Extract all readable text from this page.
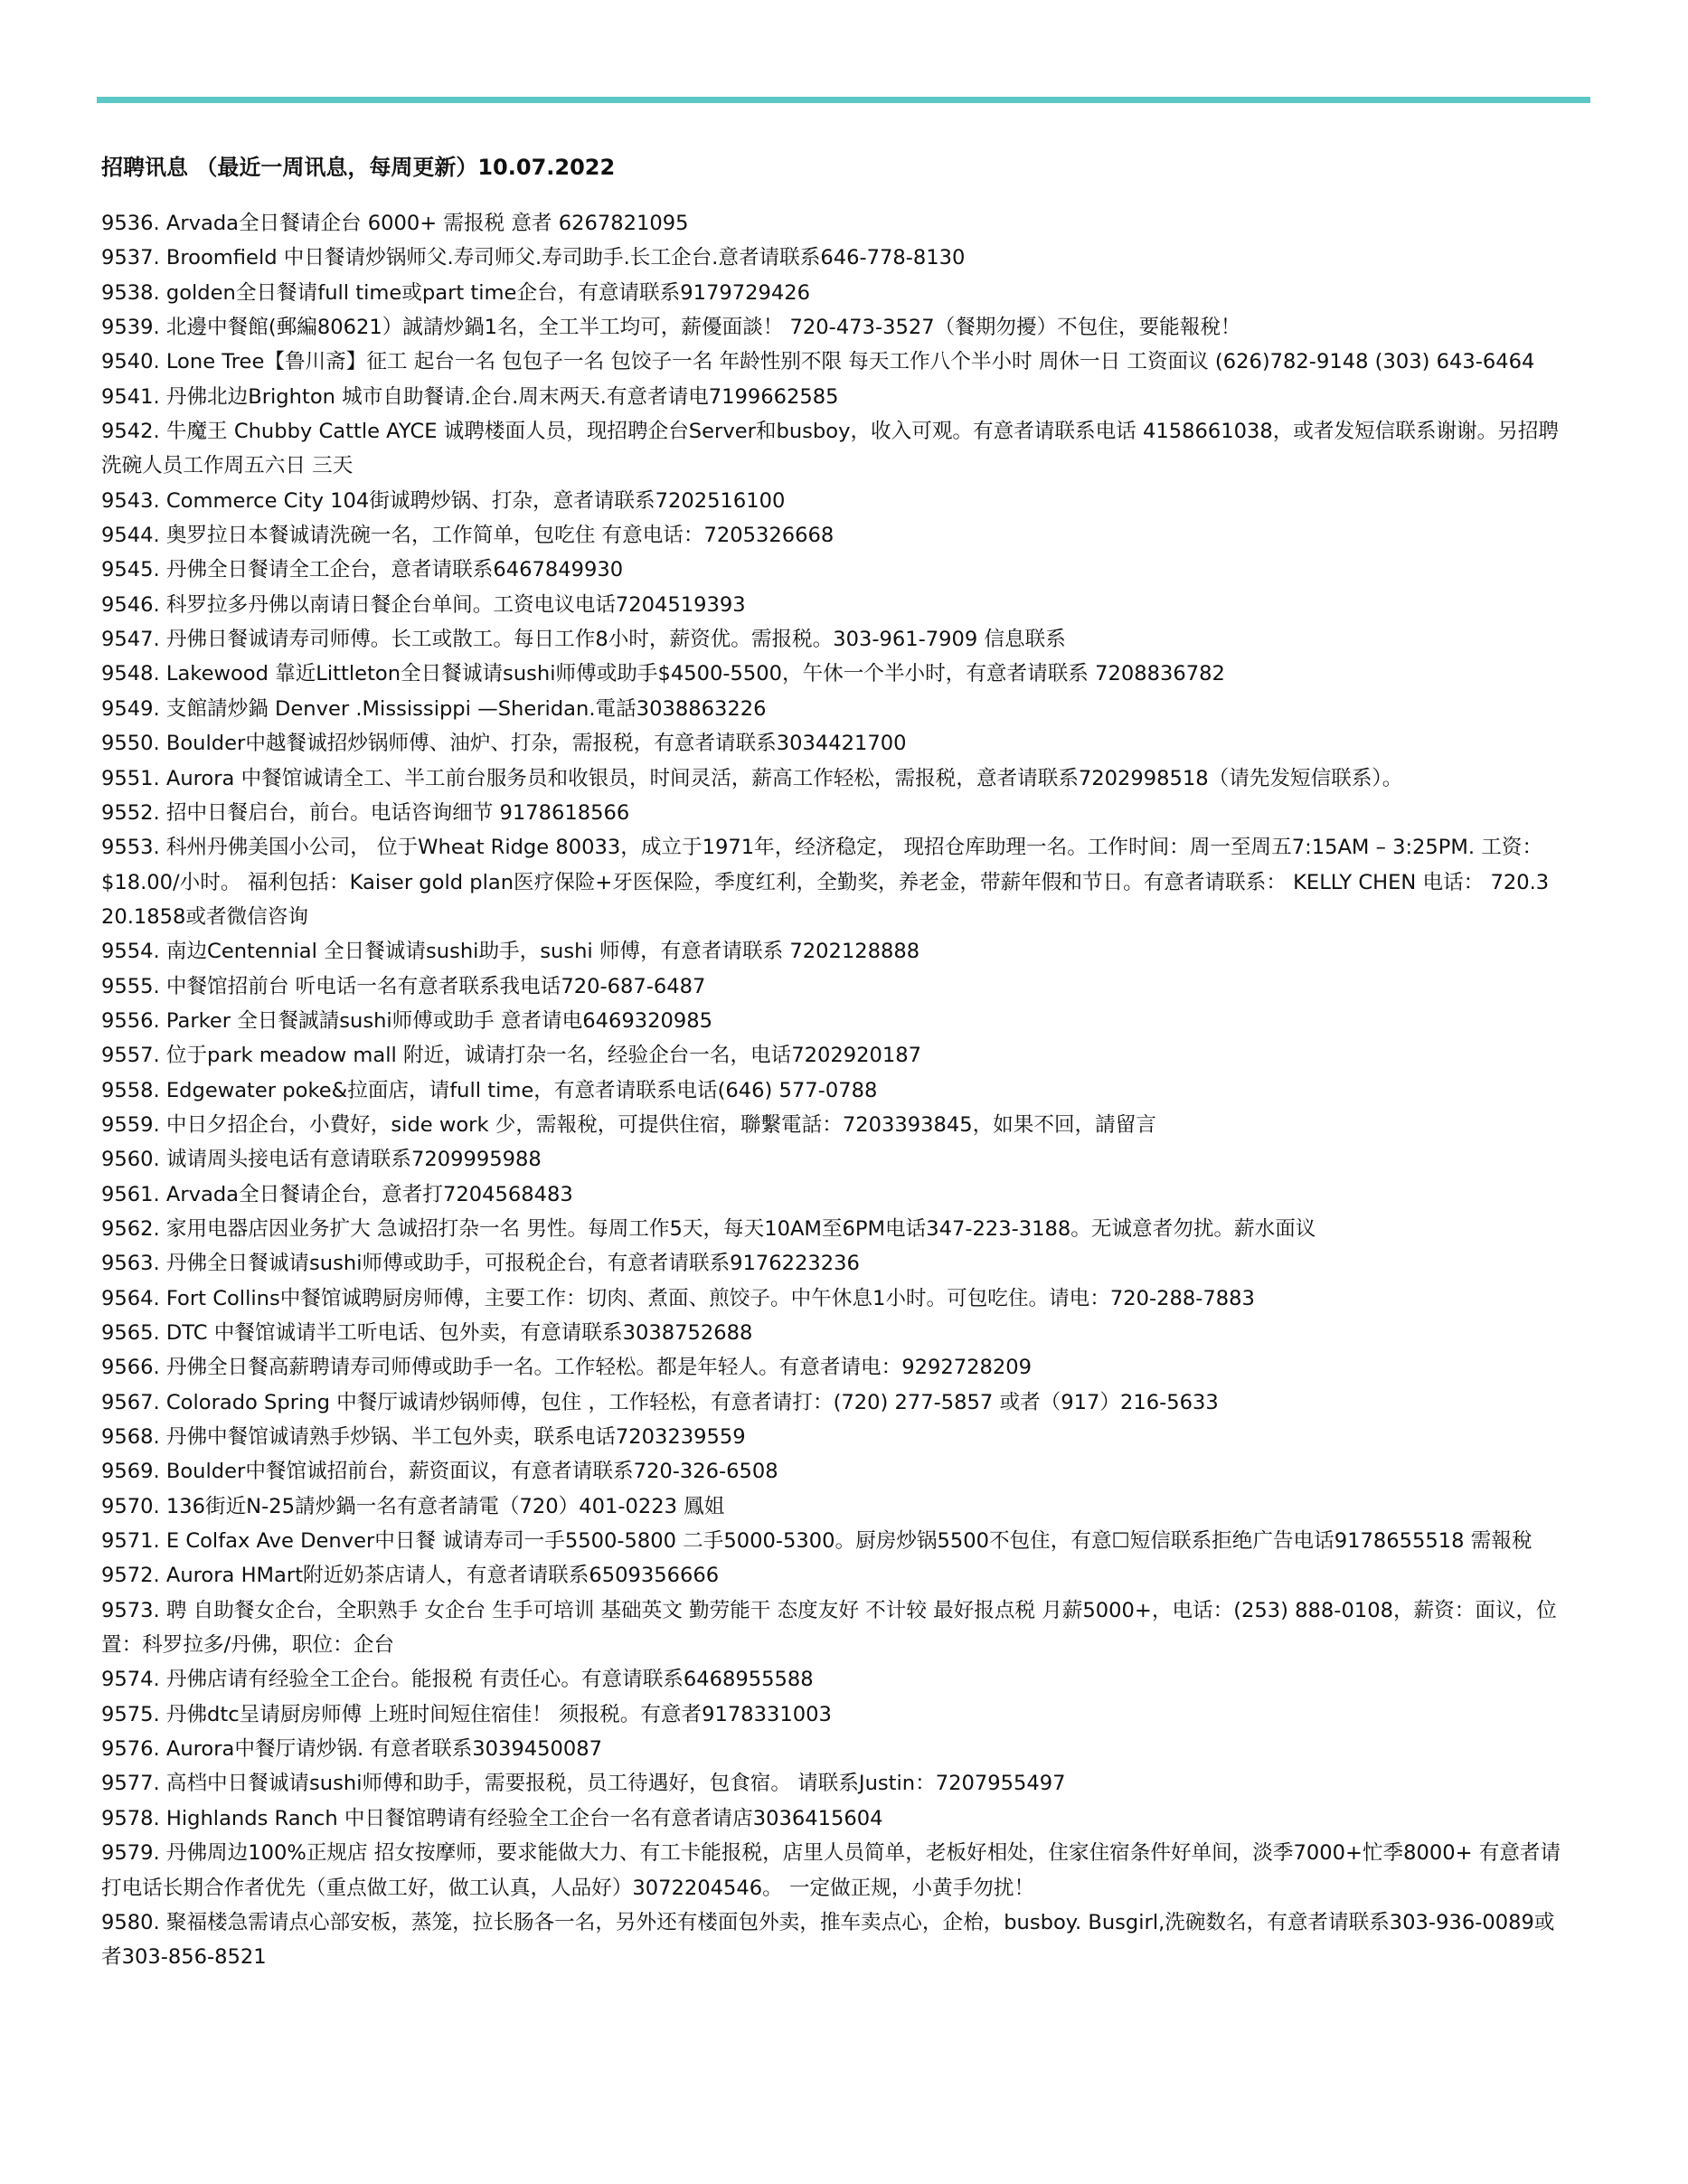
招聘讯息 （最近一周讯息，每周更新）10.07.2022
9536. Arvada全日餐请企台 6000+ 需报税 意者 6267821095
9537. Broomfield 中日餐请炒锅师父.寿司师父.寿司助手.长工企台.意者请联系646-778-8130
9538. golden全日餐请full time或part time企台，有意请联系9179729426
9539. 北邊中餐館(郵編80621）誠請炒鍋1名，全工半工均可，薪優面談！ 720-473-3527（餐期勿擾）不包住，要能報稅！
9540. Lone Tree【鲁川斋】征工 起台一名 包包子一名 包饺子一名 年龄性别不限 每天工作八个半小时 周休一日 工资面议 (626)782-9148 (303) 643-6464
9541. 丹佛北边Brighton 城市自助餐请.企台.周末两天.有意者请电7199662585
9542. 牛魔王 Chubby Cattle AYCE 诚聘楼面人员，现招聘企台Server和busboy，收入可观。有意者请联系电话 4158661038，或者发短信联系谢谢。另招聘洗碗人员工作周五六日 三天
9543. Commerce City 104街诚聘炒锅、打杂，意者请联系7202516100
9544. 奥罗拉日本餐诚请洗碗一名，工作简单，包吃住 有意电话：7205326668
9545. 丹佛全日餐请全工企台，意者请联系6467849930
9546. 科罗拉多丹佛以南请日餐企台单间。工资电议电话7204519393
9547. 丹佛日餐诚请寿司师傅。长工或散工。每日工作8小时，薪资优。需报税。303-961-7909 信息联系
9548. Lakewood 靠近Littleton全日餐诚请sushi师傅或助手$4500-5500，午休一个半小时，有意者请联系 7208836782
9549. 支館請炒鍋 Denver .Mississippi —Sheridan.電話3038863226
9550. Boulder中越餐诚招炒锅师傅、油炉、打杂，需报税，有意者请联系3034421700
9551. Aurora 中餐馆诚请全工、半工前台服务员和收银员，时间灵活，薪高工作轻松，需报税，意者请联系7202998518（请先发短信联系）。
9552. 招中日餐启台，前台。电话咨询细节 9178618566
9553. 科州丹佛美国小公司， 位于Wheat Ridge 80033，成立于1971年，经济稳定， 现招仓库助理一名。工作时间：周一至周五7:15AM – 3:25PM. 工资：$18.00/小时。 福利包括：Kaiser gold plan医疗保险+牙医保险，季度红利，全勤奖，养老金，带薪年假和节日。有意者请联系： KELLY CHEN 电话： 720.320.1858或者微信咨询
9554. 南边Centennial 全日餐诚请sushi助手，sushi 师傅，有意者请联系 7202128888
9555. 中餐馆招前台 听电话一名有意者联系我电话720-687-6487
9556. Parker 全日餐誠請sushi师傅或助手 意者请电6469320985
9557. 位于park meadow mall 附近，诚请打杂一名，经验企台一名，电话7202920187
9558. Edgewater poke&拉面店，请full time，有意者请联系电话(646) 577-0788
9559. 中日夕招企台，小費好，side work 少，需報稅，可提供住宿，聯繫電話：7203393845，如果不回，請留言
9560. 诚请周头接电话有意请联系7209995988
9561. Arvada全日餐请企台，意者打7204568483
9562. 家用电器店因业务扩大 急诚招打杂一名 男性。每周工作5天，每天10AM至6PM电话347-223-3188。无诚意者勿扰。薪水面议
9563. 丹佛全日餐诚请sushi师傅或助手，可报税企台，有意者请联系9176223236
9564. Fort Collins中餐馆诚聘厨房师傅，主要工作：切肉、煮面、煎饺子。中午休息1小时。可包吃住。请电：720-288-7883
9565. DTC 中餐馆诚请半工听电话、包外卖，有意请联系3038752688
9566. 丹佛全日餐高薪聘请寿司师傅或助手一名。工作轻松。都是年轻人。有意者请电：9292728209
9567. Colorado Spring 中餐厅诚请炒锅师傅，包住 ，工作轻松，有意者请打：(720) 277-5857 或者（917）216-5633
9568. 丹佛中餐馆诚请熟手炒锅、半工包外卖，联系电话7203239559
9569. Boulder中餐馆诚招前台，薪资面议，有意者请联系720-326-6508
9570. 136街近N-25請炒鍋一名有意者請電（720）401-0223 鳳姐
9571. E Colfax Ave Denver中日餐 诚请寿司一手5500-5800 二手5000-5300。厨房炒锅5500不包住，有意☐短信联系拒绝广告电话9178655518 需報稅
9572. Aurora HMart附近奶茶店请人，有意者请联系6509356666
9573. 聘 自助餐女企台，全职熟手 女企台 生手可培训 基础英文 勤劳能干 态度友好 不计较 最好报点税 月薪5000+，电话：(253) 888-0108，薪资：面议，位置：科罗拉多/丹佛，职位：企台
9574. 丹佛店请有经验全工企台。能报税 有责任心。有意请联系6468955588
9575. 丹佛dtc呈请厨房师傅 上班时间短住宿佳！ 须报税。有意者9178331003
9576. Aurora中餐厅请炒锅. 有意者联系3039450087
9577. 高档中日餐诚请sushi师傅和助手，需要报税，员工待遇好，包食宿。 请联系Justin：7207955497
9578. Highlands Ranch 中日餐馆聘请有经验全工企台一名有意者请店3036415604
9579. 丹佛周边100%正规店 招女按摩师，要求能做大力、有工卡能报税，店里人员简单，老板好相处，住家住宿条件好单间，淡季7000+忙季8000+ 有意者请打电话长期合作者优先（重点做工好，做工认真，人品好）3072204546。 一定做正规，小黄手勿扰！
9580. 聚福楼急需请点心部安板，蒸笼，拉长肠各一名，另外还有楼面包外卖，推车卖点心，企枱，busboy. Busgirl,洗碗数名，有意者请联系303-936-0089或者303-856-8521
